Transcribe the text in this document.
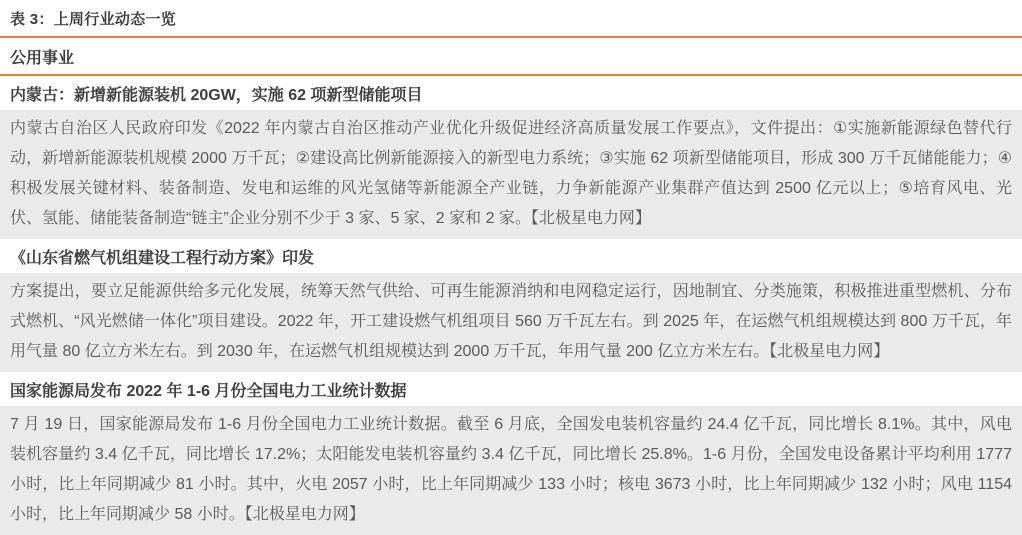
表 3：上周行业动态一览
公用事业
内蒙古：新增新能源装机 20GW，实施 62 项新型储能项目
内蒙古自治区人民政府印发《2022 年内蒙古自治区推动产业优化升级促进经济高质量发展工作要点》，文件提出：①实施新能源绿色替代行动，新增新能源装机规模 2000 万千瓦；②建设高比例新能源接入的新型电力系统；③实施 62 项新型储能项目，形成 300 万千瓦储能能力；④积极发展关键材料、装备制造、发电和运维的风光氢储等新能源全产业链，力争新能源产业集群产值达到 2500 亿元以上；⑤培育风电、光伏、氢能、储能装备制造“链主”企业分别不少于 3 家、5 家、2 家和 2 家。【北极星电力网】
《山东省燃气机组建设工程行动方案》印发
方案提出，要立足能源供给多元化发展，统筹天然气供给、可再生能源消纳和电网稳定运行，因地制宜、分类施策，积极推进重型燃机、分布式燃机、“风光燃储一体化”项目建设。2022 年，开工建设燃气机组项目 560 万千瓦左右。到 2025 年，在运燃气机组规模达到 800 万千瓦，年用气量 80 亿立方米左右。到 2030 年，在运燃气机组规模达到 2000 万千瓦，年用气量 200 亿立方米左右。【北极星电力网】
国家能源局发布 2022 年 1-6 月份全国电力工业统计数据
7 月 19 日，国家能源局发布 1-6 月份全国电力工业统计数据。截至 6 月底，全国发电装机容量约 24.4 亿千瓦，同比增长 8.1%。其中，风电装机容量约 3.4 亿千瓦，同比增长 17.2%；太阳能发电装机容量约 3.4 亿千瓦，同比增长 25.8%。1-6 月份，全国发电设备累计平均利用 1777 小时，比上年同期减少 81 小时。其中，火电 2057 小时，比上年同期减少 133 小时；核电 3673 小时，比上年同期减少 132 小时；风电 1154 小时，比上年同期减少 58 小时。【北极星电力网】
